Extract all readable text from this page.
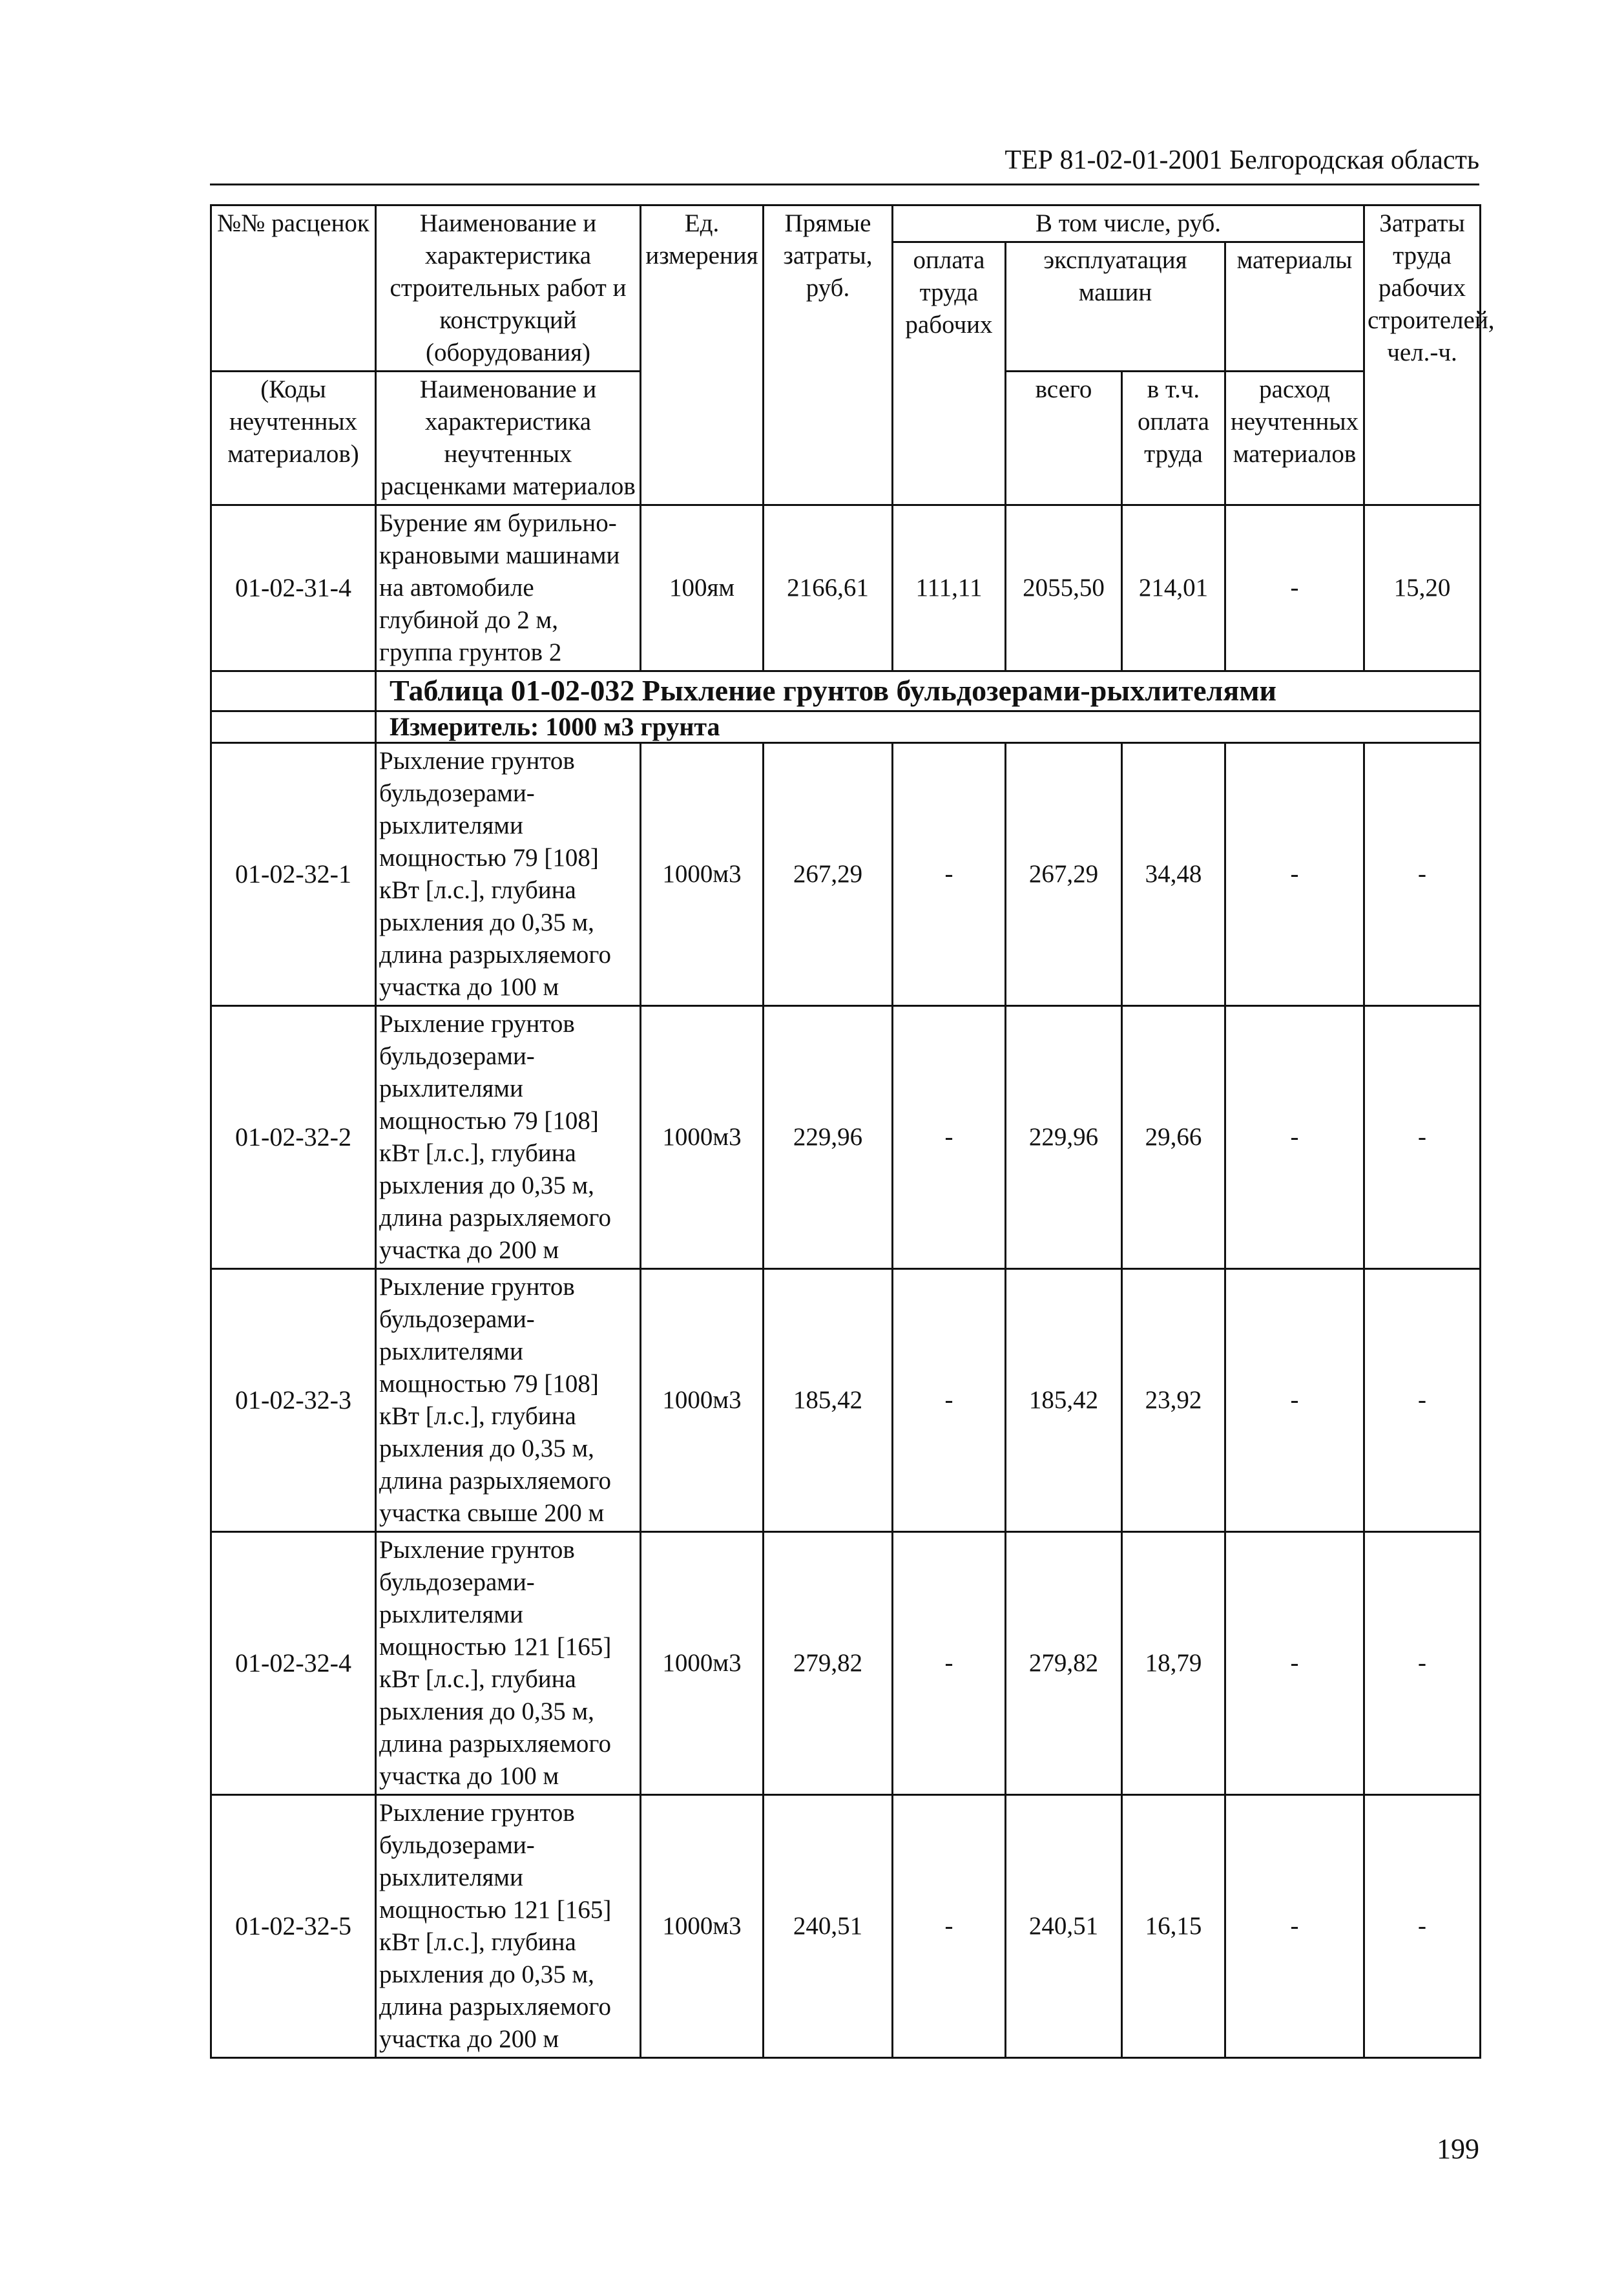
ТЕР 81-02-01-2001 Белгородская область
№№ расценок	Наименование и характеристика строительных работ и конструкций (оборудования)	Ед. измерения	Прямые затраты, руб.	В том числе, руб.				Затраты труда рабочих строителей, чел.-ч.
				оплата труда рабочих	эксплуатация машин		материалы	

(Коды неучтенных материалов)	Наименование и характеристика неучтенных расценками материалов				всего	в т.ч. оплата труда	расход неучтенных материалов	

01-02-31-4	Бурение ям бурильно-крановыми машинами на автомобиле глубиной до 2 м, группа грунтов 2	100ям	2166,61	111,11	2055,50	214,01	-	15,20
	Таблица 01-02-032 Рыхление грунтов бульдозерами-рыхлителями							
	Измеритель: 1000 м3 грунта							
01-02-32-1	Рыхление грунтов бульдозерами-рыхлителями мощностью 79 [108] кВт [л.с.], глубина рыхления до 0,35 м, длина разрыхляемого участка до 100 м	1000м3	267,29	-	267,29	34,48	-	-
01-02-32-2	Рыхление грунтов бульдозерами-рыхлителями мощностью 79 [108] кВт [л.с.], глубина рыхления до 0,35 м, длина разрыхляемого участка до 200 м	1000м3	229,96	-	229,96	29,66	-	-
01-02-32-3	Рыхление грунтов бульдозерами-рыхлителями мощностью 79 [108] кВт [л.с.], глубина рыхления до 0,35 м, длина разрыхляемого участка свыше 200 м	1000м3	185,42	-	185,42	23,92	-	-
01-02-32-4	Рыхление грунтов бульдозерами-рыхлителями мощностью 121 [165] кВт [л.с.], глубина рыхления до 0,35 м, длина разрыхляемого участка до 100 м	1000м3	279,82	-	279,82	18,79	-	-
01-02-32-5	Рыхление грунтов бульдозерами-рыхлителями мощностью 121 [165] кВт [л.с.], глубина рыхления до 0,35 м, длина разрыхляемого участка до 200 м	1000м3	240,51	-	240,51	16,15	-	-
199
